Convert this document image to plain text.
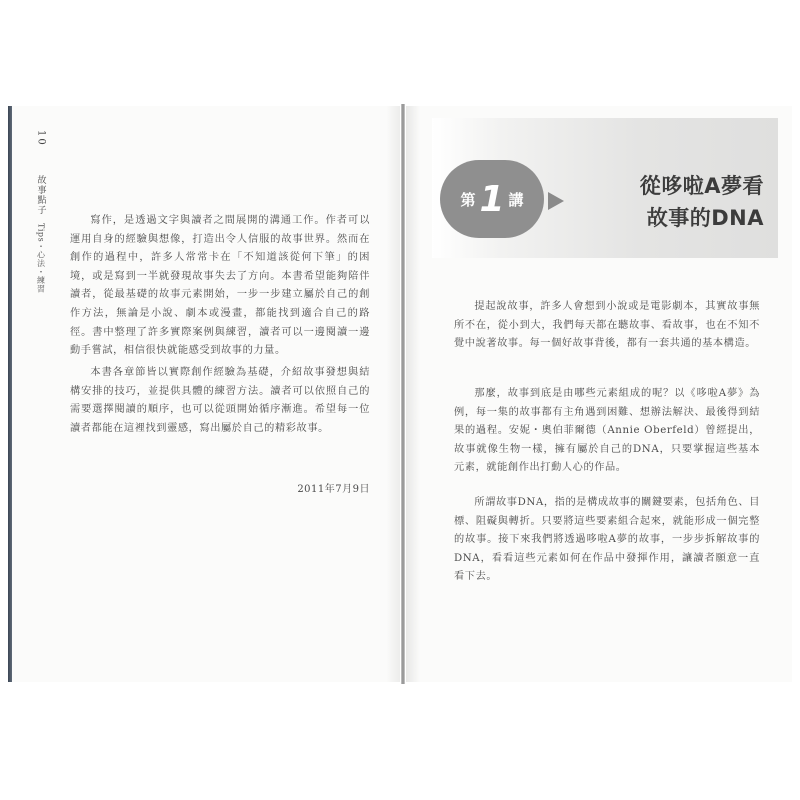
10
故事點子
Tips・心法・練習

寫作，是透過文字與讀者之間展開的溝通工作。作者可以運用自身的經驗與想像，打造出令人信服的故事世界。然而在創作的過程中，許多人常常卡在「不知道該從何下筆」的困境，或是寫到一半就發現故事失去了方向。本書希望能夠陪伴讀者，從最基礎的故事元素開始，一步一步建立屬於自己的創作方法，無論是小說、劇本或漫畫，都能找到適合自己的路徑。書中整理了許多實際案例與練習，讀者可以一邊閱讀一邊動手嘗試，相信很快就能感受到故事的力量。

本書各章節皆以實際創作經驗為基礎，介紹故事發想與結構安排的技巧，並提供具體的練習方法。讀者可以依照自己的需要選擇閱讀的順序，也可以從頭開始循序漸進。希望每一位讀者都能在這裡找到靈感，寫出屬於自己的精彩故事。

2011年7月9日
第 1 講
從哆啦A夢看
故事的DNA

提起說故事，許多人會想到小說或是電影劇本，其實故事無所不在，從小到大，我們每天都在聽故事、看故事，也在不知不覺中說著故事。每一個好故事背後，都有一套共通的基本構造。

那麼，故事到底是由哪些元素組成的呢？以《哆啦A夢》為例，每一集的故事都有主角遇到困難、想辦法解決、最後得到結果的過程。安妮・奧伯菲爾德（Annie Oberfeld）曾經提出，故事就像生物一樣，擁有屬於自己的DNA，只要掌握這些基本元素，就能創作出打動人心的作品。

所謂故事DNA，指的是構成故事的關鍵要素，包括角色、目標、阻礙與轉折。只要將這些要素組合起來，就能形成一個完整的故事。接下來我們將透過哆啦A夢的故事，一步步拆解故事的DNA，看看這些元素如何在作品中發揮作用，讓讀者願意一直看下去。
